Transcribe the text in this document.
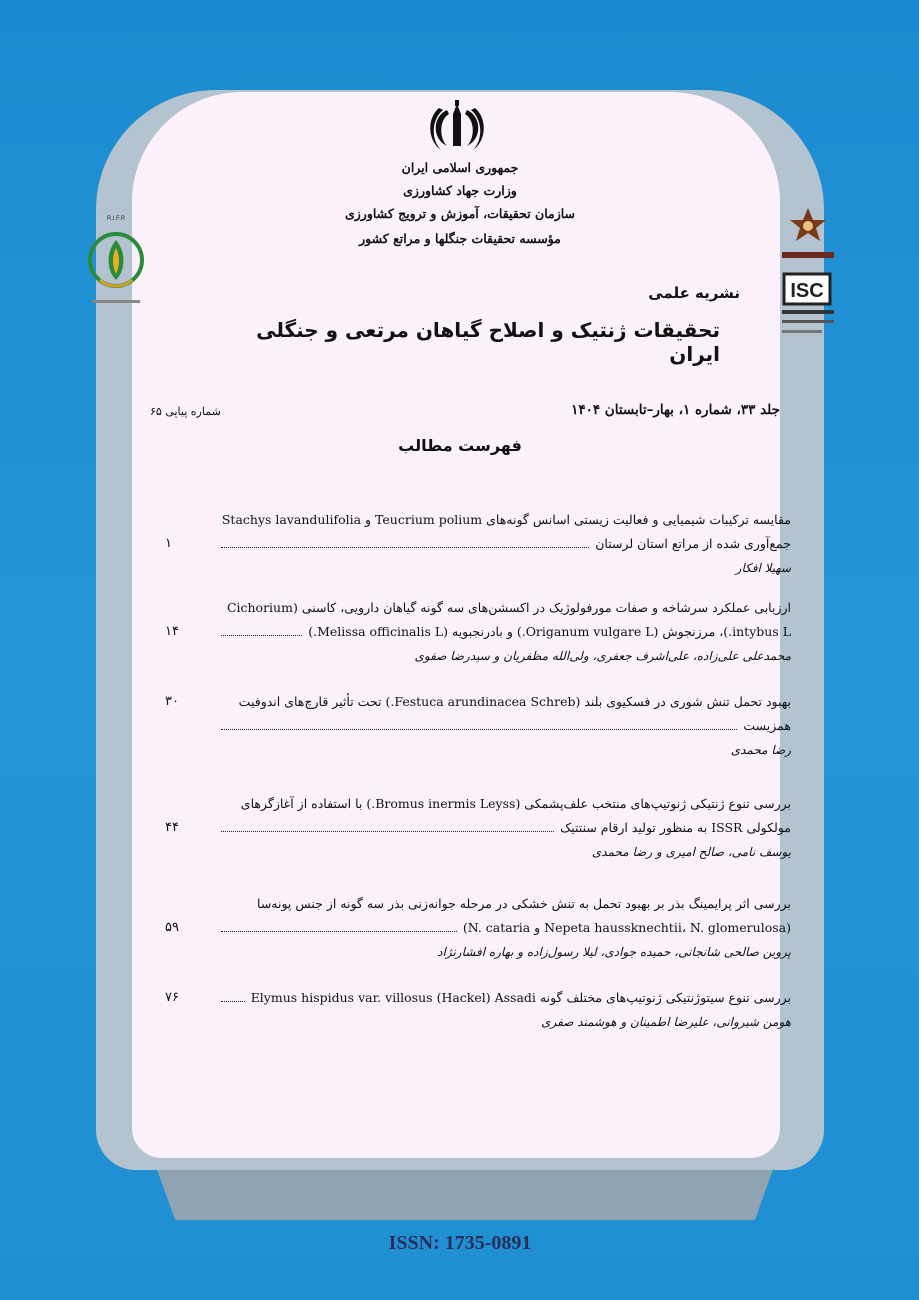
جمهوری اسلامی ایران
وزارت جهاد کشاورزی
سازمان تحقیقات، آموزش و ترویج کشاورزی
مؤسسه تحقیقات جنگلها و مراتع کشور
R.I.F.R
ISC
نشریه علمی
تحقیقات ژنتیک و اصلاح گیاهان مرتعی و جنگلی ایران
جلد ۳۳، شماره ۱، بهار–تابستان ۱۴۰۴
شماره پیاپی ۶۵
فهرست مطالب
مقایسه ترکیبات شیمیایی و فعالیت زیستی اسانس گونه‌های Teucrium polium و Stachys lavandulifolia
جمع‌آوری شده از مراتع استان لرستان
۱
سهیلا افکار
ارزیابی عملکرد سرشاخه و صفات مورفولوژیک در اکسشن‌های سه گونه گیاهان دارویی، کاسنی (Cichorium
intybus L.)، مرزنجوش (Origanum vulgare L.) و بادرنجبویه (Melissa officinalis L.)
۱۴
محمدعلی علی‌زاده، علی‌اشرف جعفری، ولی‌الله مظفریان و سیدرضا صفوی
بهبود تحمل تنش شوری در فسکیوی بلند (Festuca arundinacea Schreb.) تحت تأثیر قارچ‌های اندوفیت
۳۰
همزیست
رضا محمدی
بررسی تنوع ژنتیکی ژنوتیپ‌های منتخب علف‌پشمکی (Bromus inermis Leyss.) با استفاده از آغازگرهای
مولکولی ISSR به منظور تولید ارقام سنتتیک
۴۴
یوسف نامی، صالح امیری و رضا محمدی
بررسی اثر پرایمینگ بذر بر بهبود تحمل به تنش خشکی در مرحله جوانه‌زنی بذر سه گونه از جنس پونه‌سا
(Nepeta haussknechtii، N. glomerulosa و N. cataria)
۵۹
پروین صالحی شانجانی، حمیده جوادی، لیلا رسول‌زاده و بهاره افشارنژاد
بررسی تنوع سیتوژنتیکی ژنوتیپ‌های مختلف گونه Elymus hispidus var. villosus (Hackel) Assadi
۷۶
هومن شیروانی، علیرضا اطمینان و هوشمند صفری
ISSN: 1735-0891
